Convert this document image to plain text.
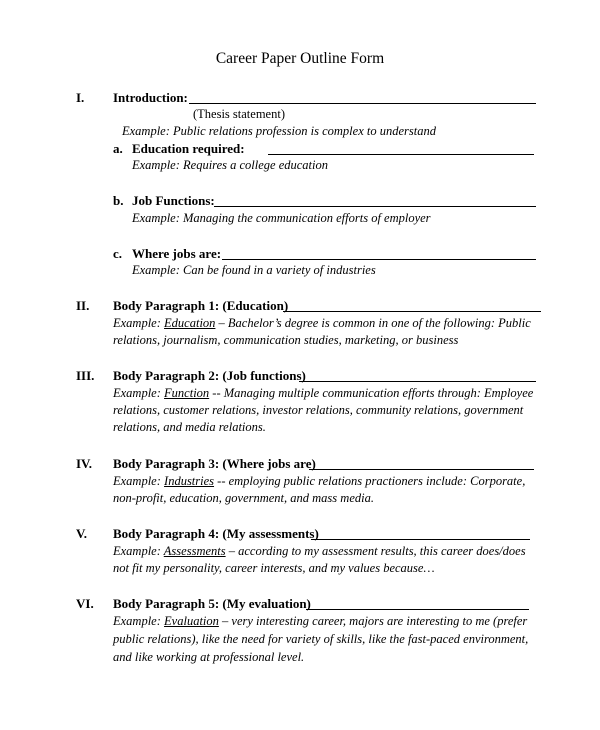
Career Paper Outline Form
I. Introduction:
(Thesis statement)
Example: Public relations profession is complex to understand
a. Education required:
Example: Requires a college education
b. Job Functions:
Example: Managing the communication efforts of employer
c. Where jobs are:
Example: Can be found in a variety of industries
II. Body Paragraph 1: (Education)
Example: Education – Bachelor’s degree is common in one of the following: Public
relations, journalism, communication studies, marketing, or business
III. Body Paragraph 2: (Job functions)
Example: Function -- Managing multiple communication efforts through: Employee
relations, customer relations, investor relations, community relations, government
relations, and media relations.
IV. Body Paragraph 3: (Where jobs are)
Example: Industries -- employing public relations practioners include: Corporate,
non-profit, education, government, and mass media.
V. Body Paragraph 4: (My assessments)
Example: Assessments – according to my assessment results, this career does/does
not fit my personality, career interests, and my values because…
VI. Body Paragraph 5: (My evaluation)
Example: Evaluation – very interesting career, majors are interesting to me (prefer
public relations), like the need for variety of skills, like the fast-paced environment,
and like working at professional level.
